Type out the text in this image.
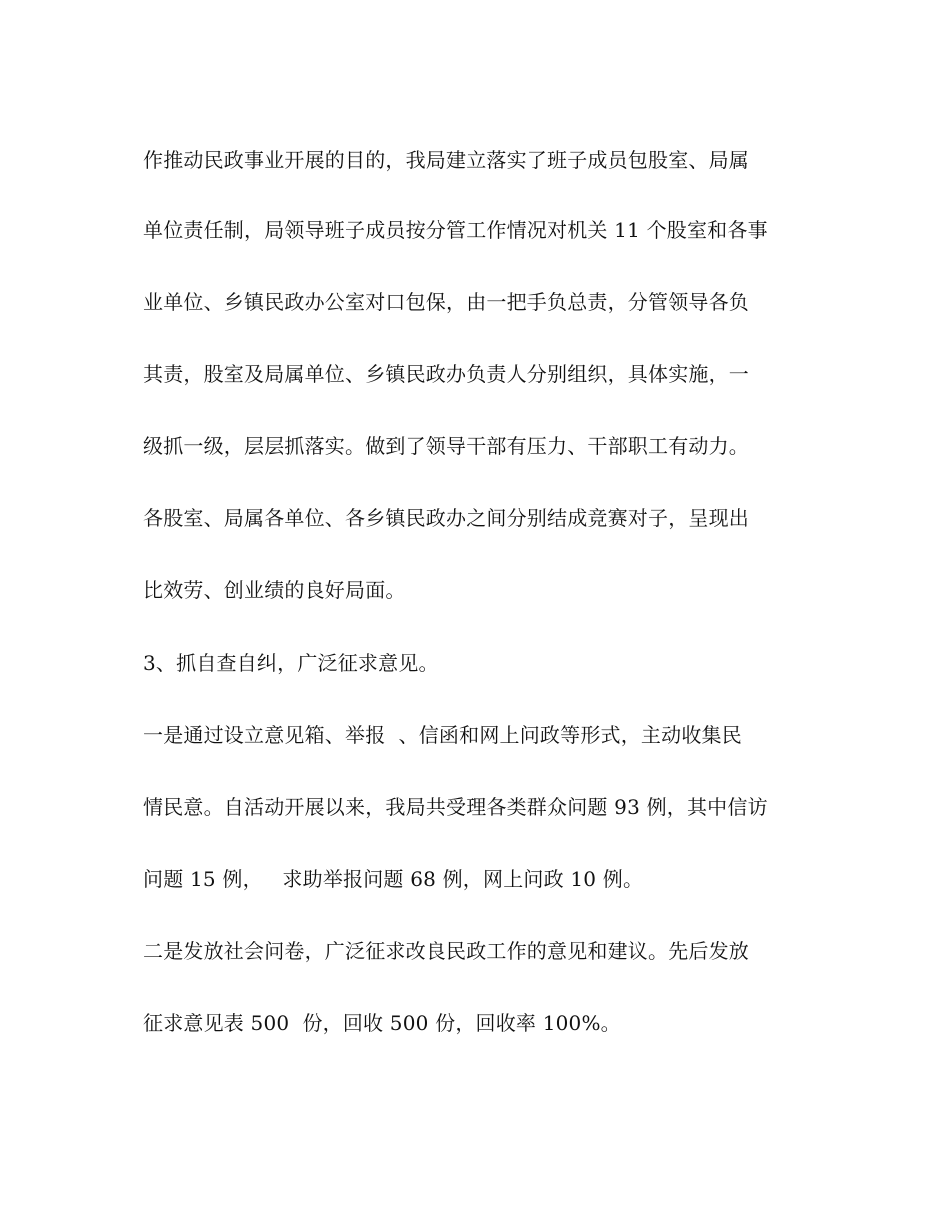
作推动民政事业开展的目的，我局建立落实了班子成员包股室、局属
单位责任制，局领导班子成员按分管工作情况对机关 11 个股室和各事
业单位、乡镇民政办公室对口包保，由一把手负总责，分管领导各负
其责，股室及局属单位、乡镇民政办负责人分别组织，具体实施，一
级抓一级，层层抓落实。做到了领导干部有压力、干部职工有动力。
各股室、局属各单位、各乡镇民政办之间分别结成竞赛对子，呈现出
比效劳、创业绩的良好局面。
3、抓自查自纠，广泛征求意见。
一是通过设立意见箱、举报  、信函和网上问政等形式，主动收集民
情民意。自活动开展以来，我局共受理各类群众问题 93 例，其中信访
问题 15 例，   求助举报问题 68 例，网上问政 10 例。
二是发放社会问卷，广泛征求改良民政工作的意见和建议。先后发放
征求意见表 500  份，回收 500 份，回收率 100%。
